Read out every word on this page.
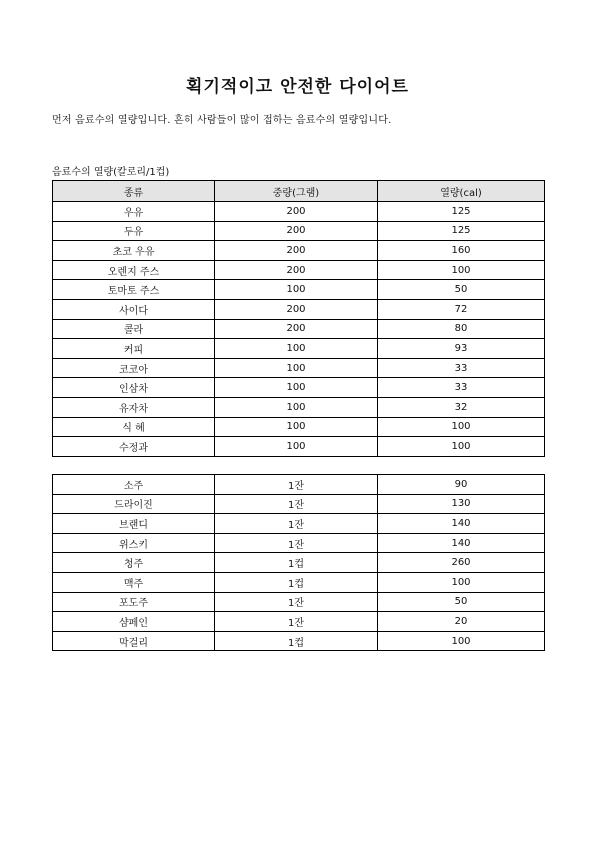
획기적이고 안전한 다이어트
먼저 음료수의 열량입니다. 흔히 사람들이 많이 접하는 음료수의 열량입니다.
음료수의 열량(칼로리/1컵)
종류	중량(그램)	열량(cal)
우유	200	125
두유	200	125
초코 우유	200	160
오렌지 주스	200	100
토마토 주스	100	50
사이다	200	72
콜라	200	80
커피	100	93
코코아	100	33
인삼차	100	33
유자차	100	32
식 혜	100	100
수정과	100	100
소주	1잔	90
드라이진	1잔	130
브랜디	1잔	140
위스키	1잔	140
청주	1컵	260
맥주	1컵	100
포도주	1잔	50
샴페인	1잔	20
막걸리	1컵	100
